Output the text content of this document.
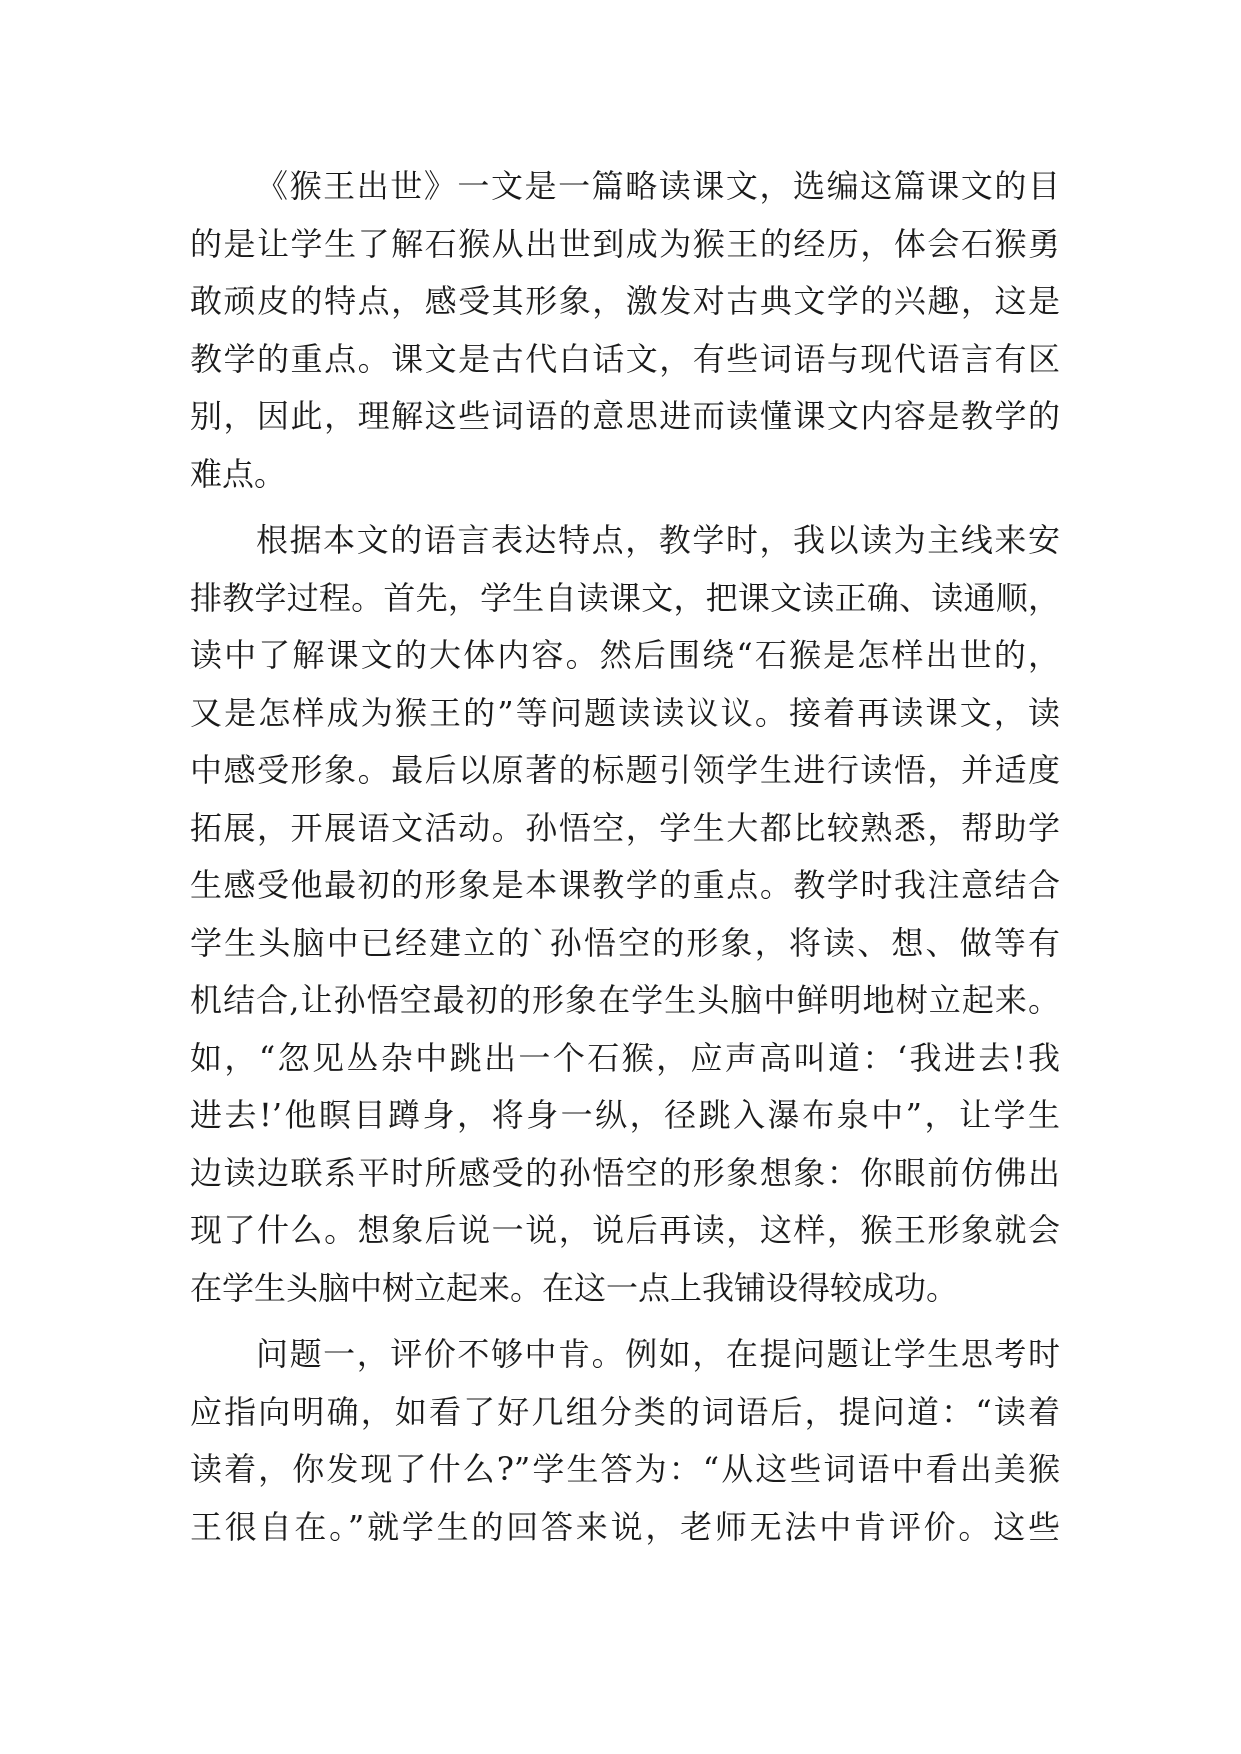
《猴王出世》一文是一篇略读课文，选编这篇课文的目
的是让学生了解石猴从出世到成为猴王的经历，体会石猴勇
敢顽皮的特点，感受其形象，激发对古典文学的兴趣，这是
教学的重点。课文是古代白话文，有些词语与现代语言有区
别，因此，理解这些词语的意思进而读懂课文内容是教学的
难点。
根据本文的语言表达特点，教学时，我以读为主线来安
排教学过程。首先，学生自读课文，把课文读正确、读通顺，
读中了解课文的大体内容。然后围绕“石猴是怎样出世的，
又是怎样成为猴王的”等问题读读议议。接着再读课文，读
中感受形象。最后以原著的标题引领学生进行读悟，并适度
拓展，开展语文活动。孙悟空，学生大都比较熟悉，帮助学
生感受他最初的形象是本课教学的重点。教学时我注意结合
学生头脑中已经建立的`孙悟空的形象，将读、想、做等有
机结合,让孙悟空最初的形象在学生头脑中鲜明地树立起来。
如，“忽见丛杂中跳出一个石猴，应声高叫道：‘我进去!我
进去!’他瞑目蹲身，将身一纵，径跳入瀑布泉中”，让学生
边读边联系平时所感受的孙悟空的形象想象：你眼前仿佛出
现了什么。想象后说一说，说后再读，这样，猴王形象就会
在学生头脑中树立起来。在这一点上我铺设得较成功。
问题一，评价不够中肯。例如，在提问题让学生思考时
应指向明确，如看了好几组分类的词语后，提问道：“读着
读着，你发现了什么?”学生答为：“从这些词语中看出美猴
王很自在。”就学生的回答来说，老师无法中肯评价。这些
